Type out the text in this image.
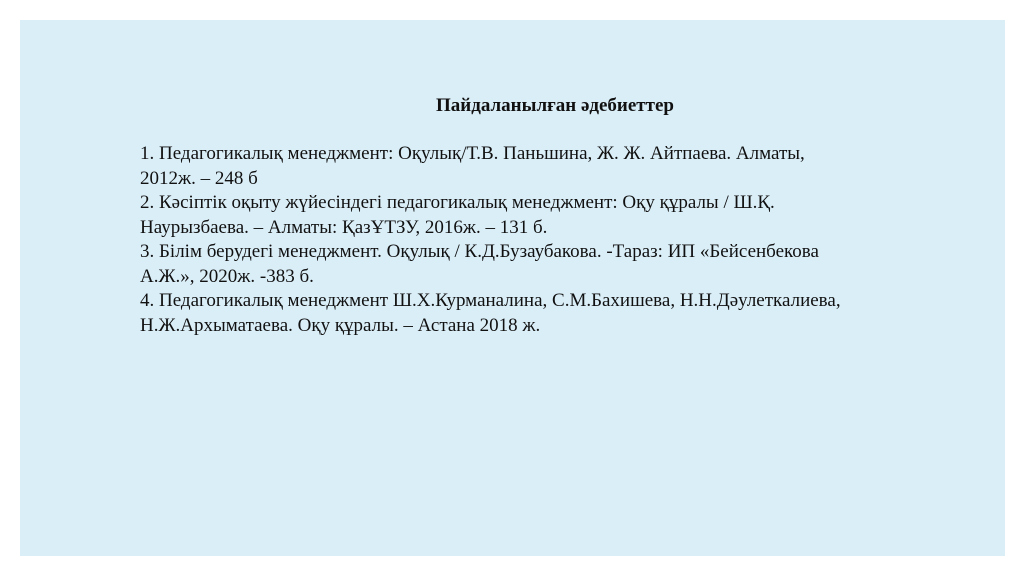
Пайдаланылған әдебиеттер
1. Педагогикалық менеджмент: Оқулық/Т.В. Паньшина, Ж. Ж. Айтпаева. Алматы,
2012ж. – 248 б
2. Кәсіптік оқыту жүйесіндегі педагогикалық менеджмент: Оқу құралы / Ш.Қ.
Наурызбаева. – Алматы: ҚазҰТЗУ, 2016ж. – 131 б.
3. Білім берудегі менеджмент. Оқулық / К.Д.Бузаубакова. -Тараз: ИП «Бейсенбекова
А.Ж.», 2020ж. -383 б.
4. Педагогикалық менеджмент Ш.Х.Курманалина, С.М.Бахишева, Н.Н.Дәулеткалиева,
Н.Ж.Архыматаева. Оқу құралы. – Астана 2018 ж.
